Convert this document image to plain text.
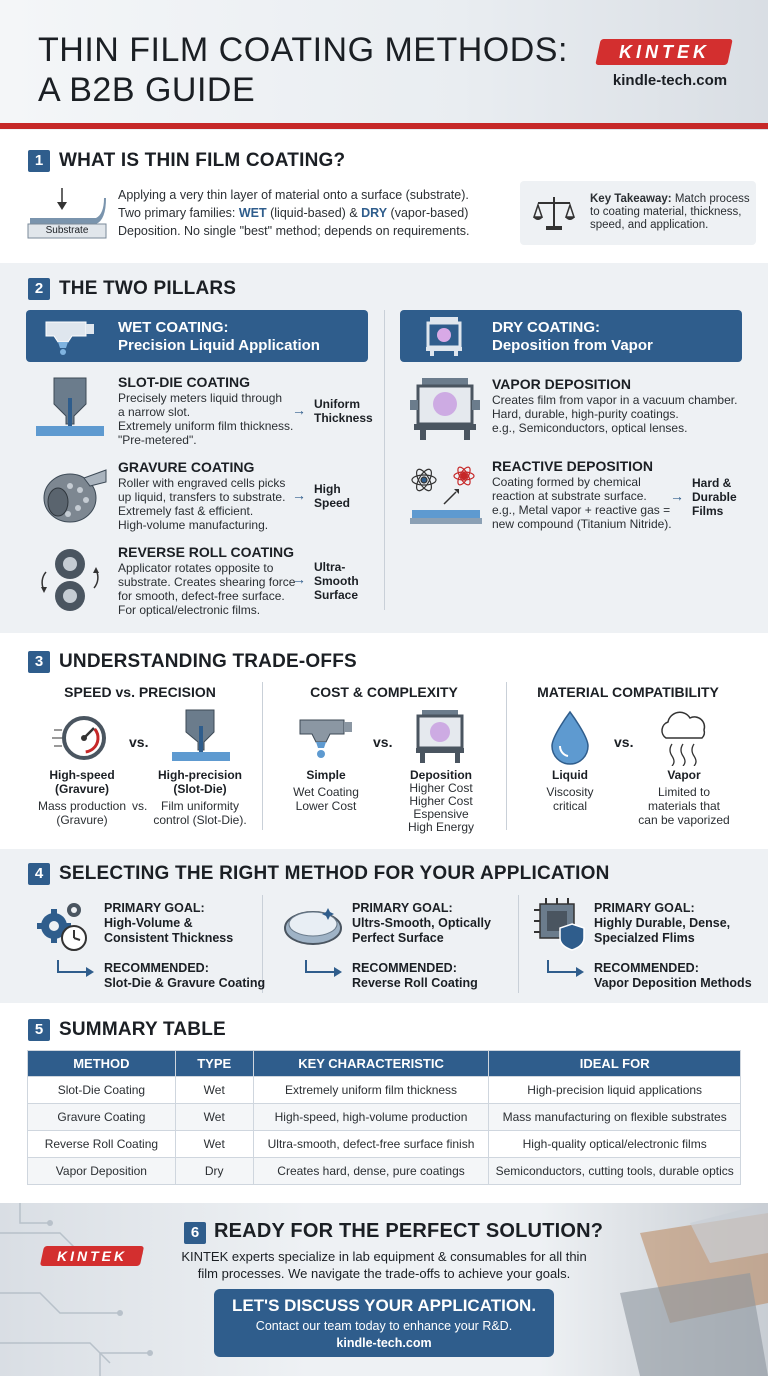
THIN FILM COATING METHODS:
A B2B GUIDE
KINTEK
kindle-tech.com
1 WHAT IS THIN FILM COATING?
Substrate
Applying a very thin layer of material onto a surface (substrate).
Two primary families: WET (liquid-based) & DRY (vapor-based)
Deposition. No single "best" method; depends on requirements.
Key Takeaway: Match process
to coating material, thickness,
speed, and application.
2 THE TWO PILLARS
WET COATING:
Precision Liquid Application
DRY COATING:
Deposition from Vapor
SLOT-DIE COATING
Precisely meters liquid through
a narrow slot.
Extremely uniform film thickness.
"Pre-metered".
→ Uniform
Thickness
GRAVURE COATING
Roller with engraved cells picks
up liquid, transfers to substrate.
Extremely fast & efficient.
High-volume manufacturing.
→ High
Speed
REVERSE ROLL COATING
Applicator rotates opposite to
substrate. Creates shearing force
for smooth, defect-free surface.
For optical/electronic films.
→
Ultra-
Smooth
Surface
VAPOR DEPOSITION
Creates film from vapor in a vacuum chamber.
Hard, durable, high-purity coatings.
e.g., Semiconductors, optical lenses.
REACTIVE DEPOSITION
Coating formed by chemical
reaction at substrate surface.
e.g., Metal vapor + reactive gas =
new compound (Titanium Nitride).
→
Hard &
Durable
Films
3 UNDERSTANDING TRADE-OFFS
SPEED vs. PRECISION
vs.
High-speed
(Gravure)
High-precision
(Slot-Die)
Mass production
(Gravure)
vs.	Film uniformity
control (Slot-Die).
COST & COMPLEXITY
vs.
Simple
Wet Coating
Lower Cost
Deposition
Higher Cost
Higher Cost
Espensive
High Energy
MATERIAL COMPATIBILITY
vs.
Liquid
Viscosity
critical
Vapor
Limited to
materials that
can be vaporized
4 SELECTING THE RIGHT METHOD FOR YOUR APPLICATION
PRIMARY GOAL:
High-Volume &
Consistent Thickness
RECOMMENDED:
Slot-Die & Gravure Coating
PRIMARY GOAL:
Ultrs-Smooth, Optically
Perfect Surface
RECOMMENDED:
Reverse Roll Coating
PRIMARY GOAL:
Highly Durable, Dense,
Specialzed Flims
RECOMMENDED:
Vapor Deposition Methods
5 SUMMARY TABLE
METHOD	TYPE	KEY CHARACTERISTIC	IDEAL FOR
Slot-Die Coating	Wet	Extremely uniform film thickness	High-precision liquid applications
Gravure Coating	Wet	High-speed, high-volume production	Mass manufacturing on flexible substrates
Reverse Roll Coating	Wet	Ultra-smooth, defect-free surface finish	High-quality optical/electronic films
Vapor Deposition	Dry	Creates hard, dense, pure coatings	Semiconductors, cutting tools, durable optics
6 READY FOR THE PERFECT SOLUTION?
KINTEK	KINTEK experts specialize in lab equipment & consumables for all thin
film processes. We navigate the trade-offs to achieve your goals.
LET'S DISCUSS YOUR APPLICATION.
Contact our team today to enhance your R&D.
kindle-tech.com
